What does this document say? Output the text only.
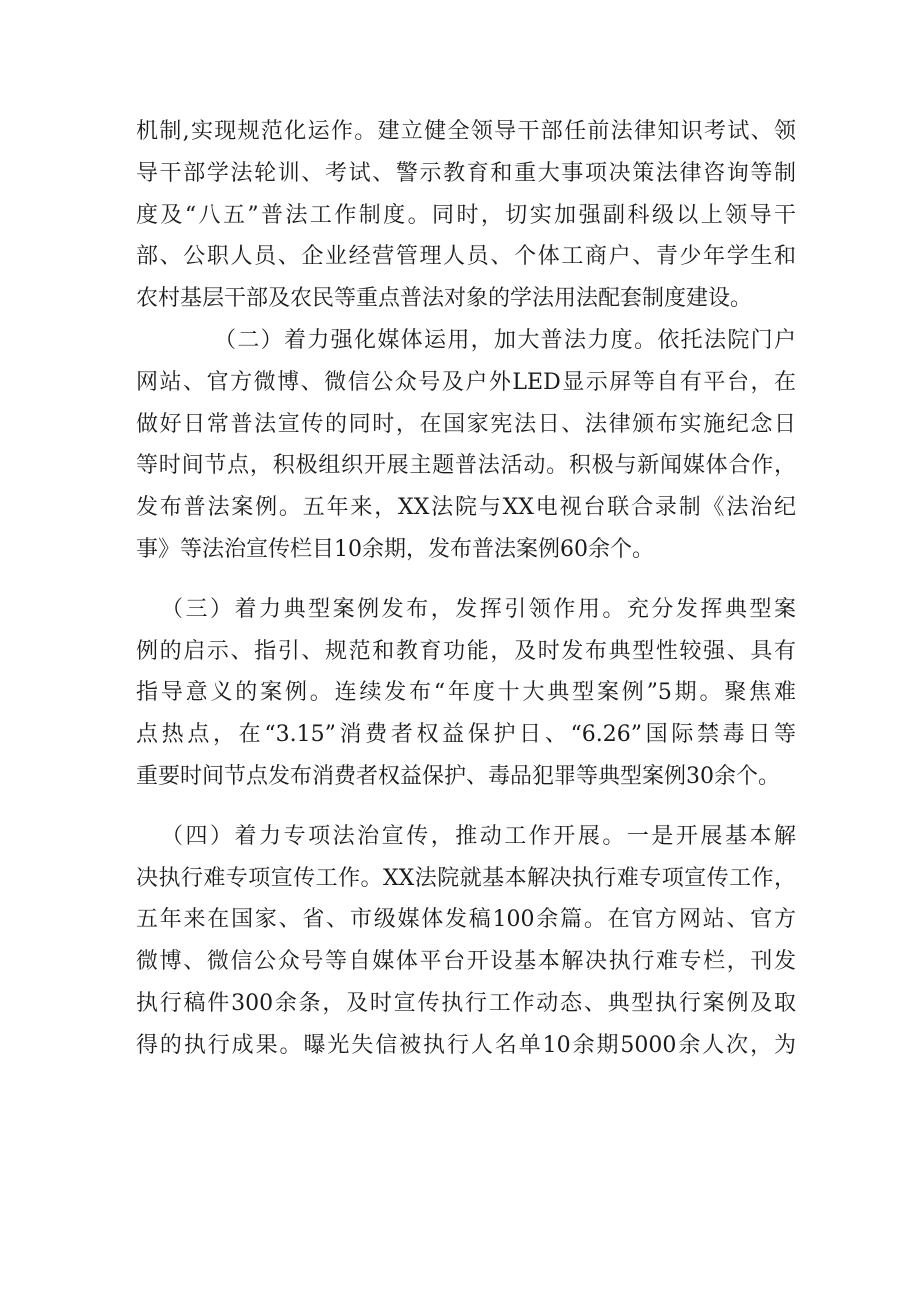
机制,实现规范化运作。建立健全领导干部任前法律知识考试、领
导干部学法轮训、考试、警示教育和重大事项决策法律咨询等制
度及“八五”普法工作制度。同时，切实加强副科级以上领导干
部、公职人员、企业经营管理人员、个体工商户、青少年学生和
农村基层干部及农民等重点普法对象的学法用法配套制度建设。
（二）着力强化媒体运用，加大普法力度。依托法院门户
网站、官方微博、微信公众号及户外LED显示屏等自有平台，在
做好日常普法宣传的同时，在国家宪法日、法律颁布实施纪念日
等时间节点，积极组织开展主题普法活动。积极与新闻媒体合作，
发布普法案例。五年来，XX法院与XX电视台联合录制《法治纪
事》等法治宣传栏目10余期，发布普法案例60余个。
（三）着力典型案例发布，发挥引领作用。充分发挥典型案
例的启示、指引、规范和教育功能，及时发布典型性较强、具有
指导意义的案例。连续发布“年度十大典型案例”5期。聚焦难
点热点，在“3.15”消费者权益保护日、“6.26”国际禁毒日等
重要时间节点发布消费者权益保护、毒品犯罪等典型案例30余个。
（四）着力专项法治宣传，推动工作开展。一是开展基本解
决执行难专项宣传工作。XX法院就基本解决执行难专项宣传工作，
五年来在国家、省、市级媒体发稿100余篇。在官方网站、官方
微博、微信公众号等自媒体平台开设基本解决执行难专栏，刊发
执行稿件300余条，及时宣传执行工作动态、典型执行案例及取
得的执行成果。曝光失信被执行人名单10余期5000余人次，为
